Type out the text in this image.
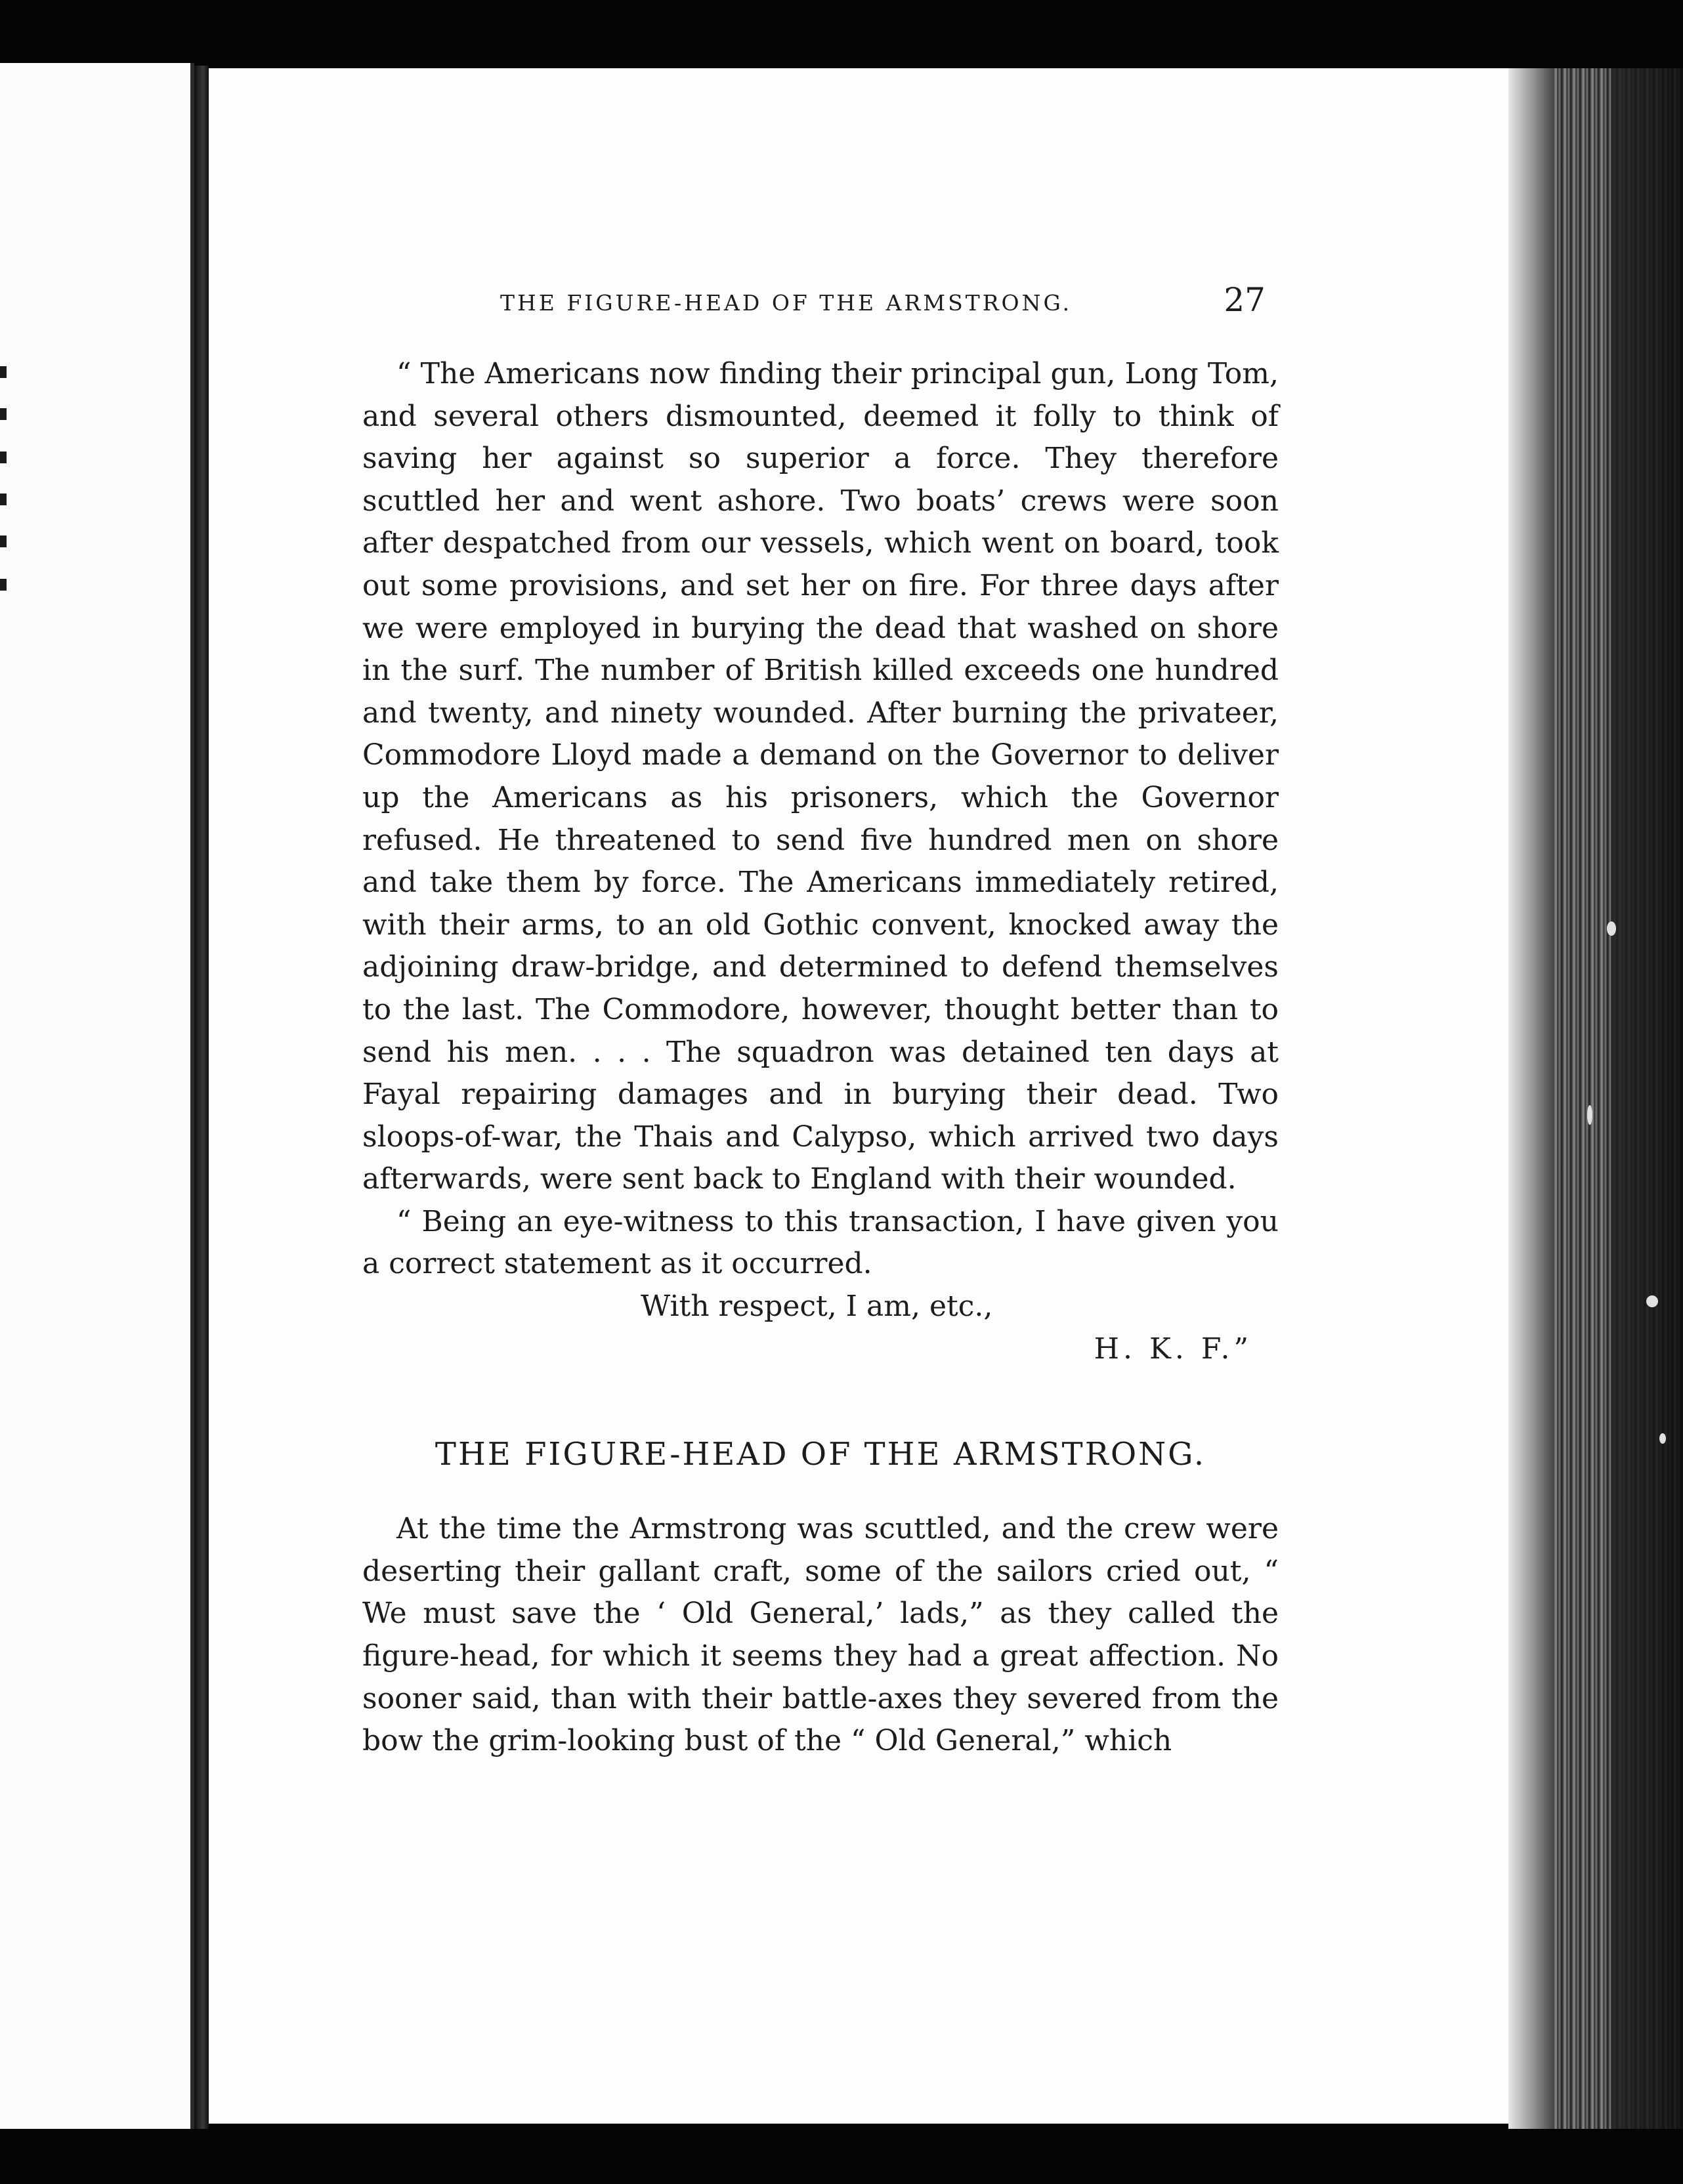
THE FIGURE-HEAD OF THE ARMSTRONG.	27

“ The Americans now finding their principal gun, Long Tom, and several others dismounted, deemed it folly to think of saving her against so superior a force. They therefore scuttled her and went ashore. Two boats’ crews were soon after despatched from our vessels, which went on board, took out some provisions, and set her on fire. For three days after we were employed in burying the dead that washed on shore in the surf. The number of British killed exceeds one hundred and twenty, and ninety wounded. After burning the privateer, Commodore Lloyd made a demand on the Governor to deliver up the Americans as his prisoners, which the Governor refused. He threatened to send five hundred men on shore and take them by force. The Americans immediately retired, with their arms, to an old Gothic convent, knocked away the adjoining draw-bridge, and determined to defend themselves to the last. The Commodore, however, thought better than to send his men. . . . The squadron was detained ten days at Fayal repairing damages and in burying their dead. Two sloops-of-war, the Thais and Calypso, which arrived two days afterwards, were sent back to England with their wounded.

“ Being an eye-witness to this transaction, I have given you a correct statement as it occurred.

With respect, I am, etc.,

H. K. F.”

THE FIGURE-HEAD OF THE ARMSTRONG.

At the time the Armstrong was scuttled, and the crew were deserting their gallant craft, some of the sailors cried out, “ We must save the ‘ Old General,’ lads,” as they called the figure-head, for which it seems they had a great affection. No sooner said, than with their battle-axes they severed from the bow the grim-looking bust of the “ Old General,” which
